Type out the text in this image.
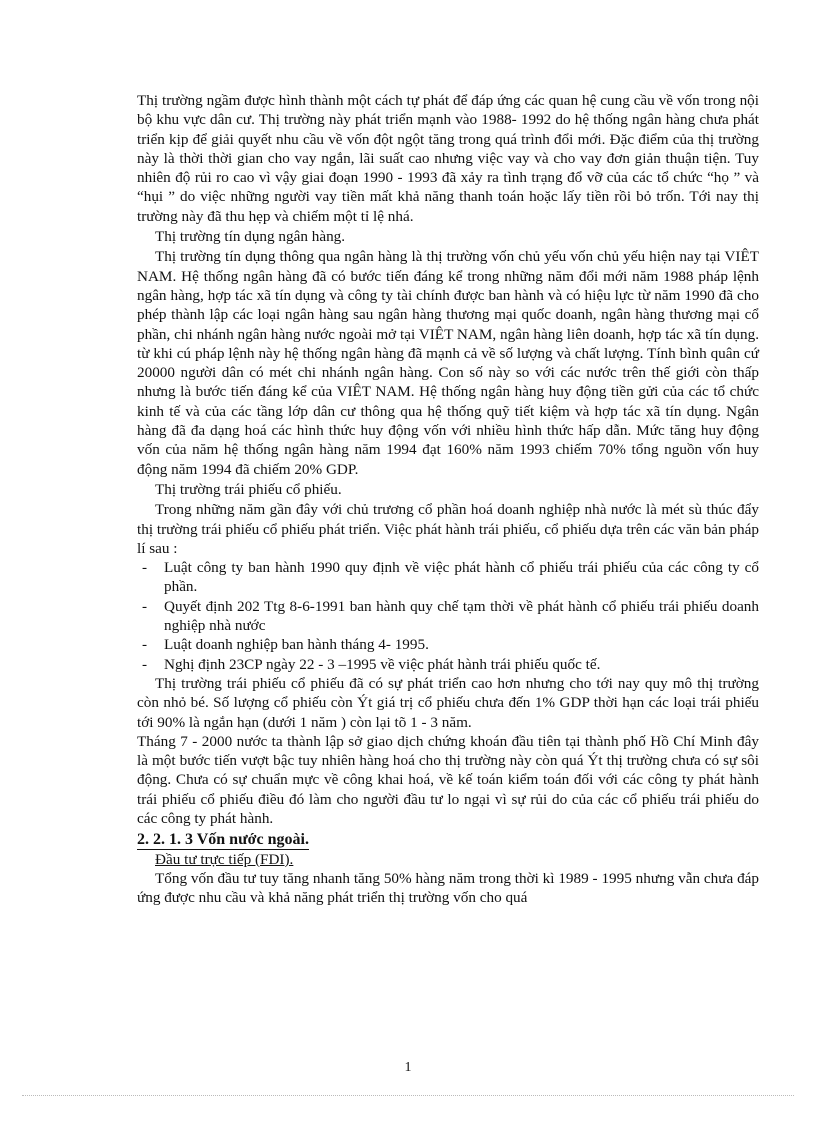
Thị trường ngầm được hình thành một cách tự phát để đáp ứng các quan hệ cung cầu về vốn trong nội bộ khu vực dân cư. Thị trường này phát triển mạnh vào 1988- 1992 do hệ thống ngân hàng chưa phát triển kịp để giải quyết nhu cầu về vốn đột ngột tăng trong quá trình đổi mới. Đặc điểm của thị trường này là thời thời gian cho vay ngắn, lãi suất cao nhưng việc vay và cho vay đơn giản thuận tiện. Tuy nhiên độ rủi ro cao vì vậy giai đoạn 1990 - 1993 đã xảy ra tình trạng đổ vỡ của các tổ chức “họ ” và “hụi ” do việc những người vay tiền mất khả năng thanh toán hoặc lấy tiền rồi bỏ trốn. Tới nay thị trường này đã thu hẹp và chiếm một tỉ lệ nhá.

Thị trường tín dụng ngân hàng.

Thị trường tín dụng thông qua ngân hàng là thị trường vốn chủ yếu vốn chủ yếu hiện nay tại VIÊT NAM. Hệ thống ngân hàng đã có bước tiến đáng kể trong những năm đổi mới năm 1988 pháp lệnh ngân hàng, hợp tác xã tín dụng và công ty tài chính được ban hành và có hiệu lực từ năm 1990 đã cho phép thành lập các loại ngân hàng sau ngân hàng thương mại quốc doanh, ngân hàng thương mại cổ phần, chi nhánh ngân hàng nước ngoài mở tại VIÊT NAM, ngân hàng liên doanh, hợp tác xã tín dụng. từ khi cú pháp lệnh này hệ thống ngân hàng đã mạnh cả về số lượng và chất lượng. Tính bình quân cứ 20000 người dân có mét chi nhánh ngân hàng. Con số này so với các nước trên thế giới còn thấp nhưng là bước tiến đáng kể của VIÊT NAM. Hệ thống ngân hàng huy động tiền gửi của các tổ chức kinh tế và của các tầng lớp dân cư thông qua hệ thống quỹ tiết kiệm và hợp tác xã tín dụng. Ngân hàng đã đa dạng hoá các hình thức huy động vốn với nhiều hình thức hấp dẫn. Mức tăng huy động vốn của năm hệ thống ngân hàng năm 1994 đạt 160% năm 1993 chiếm 70% tổng nguồn vốn huy động năm 1994 đã chiếm 20% GDP.

Thị trường trái phiếu cổ phiếu.

Trong những năm gần đây với chủ trương cổ phần hoá doanh nghiệp nhà nước là mét sù thúc đẩy thị trường trái phiếu cổ phiếu phát triển. Việc phát hành trái phiếu, cổ phiếu dựa trên các văn bản pháp lí sau :

- Luật công ty ban hành 1990 quy định về việc phát hành cổ phiếu trái phiếu của các công ty cổ phần.
- Quyết định 202 Ttg 8-6-1991 ban hành quy chế tạm thời về phát hành cổ phiếu trái phiếu doanh nghiệp nhà nước
- Luật doanh nghiệp ban hành tháng 4- 1995.
- Nghị định 23CP ngày 22 - 3 –1995 về việc phát hành trái phiếu quốc tế.

Thị trường trái phiếu cổ phiếu đã có sự phát triển cao hơn nhưng cho tới nay quy mô thị trường còn nhỏ bé. Số lượng cổ phiếu còn Ýt giá trị cổ phiếu chưa đến 1% GDP thời hạn các loại trái phiếu tới 90% là ngắn hạn (dưới 1 năm ) còn lại tõ 1 - 3 năm.

Tháng 7 - 2000 nước ta thành lập sở giao dịch chứng khoán đầu tiên tại thành phố Hồ Chí Minh đây là một bước tiến vượt bậc tuy nhiên hàng hoá cho thị trường này còn quá Ýt thị trường chưa có sự sôi động. Chưa có sự chuẩn mực về công khai hoá, về kế toán kiểm toán đối với các công ty phát hành trái phiếu cổ phiếu điều đó làm cho người đầu tư lo ngại vì sự rủi do của các cổ phiếu trái phiếu do các công ty phát hành.

2. 2. 1. 3 Vốn nước ngoài.

Đầu tư trực tiếp (FDI).

Tổng vốn đầu tư tuy tăng nhanh tăng 50% hàng năm trong thời kì 1989 - 1995 nhưng vẫn chưa đáp ứng được nhu cầu và khả năng phát triển thị trường vốn cho quá

1
